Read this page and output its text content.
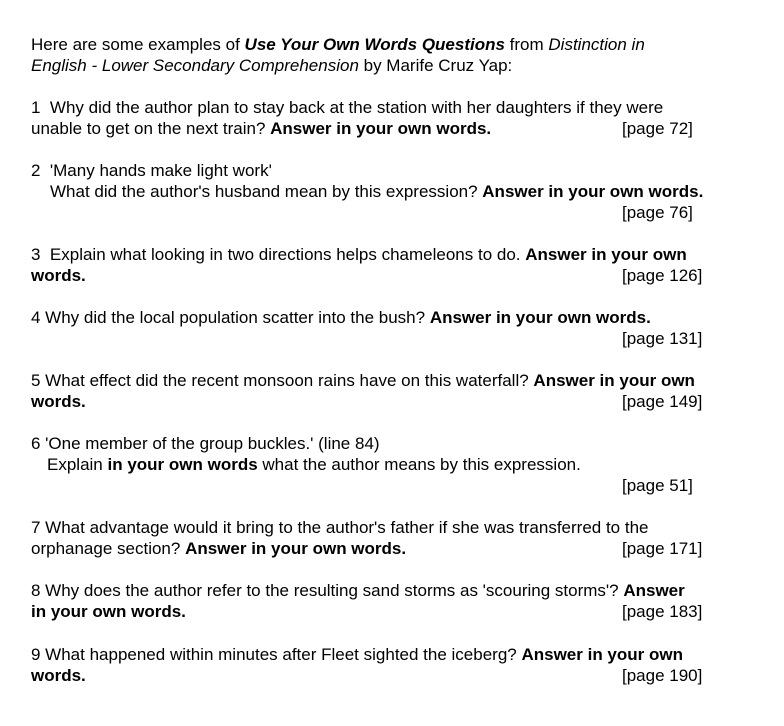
Here are some examples of Use Your Own Words Questions from Distinction in
English - Lower Secondary Comprehension by Marife Cruz Yap:
1  Why did the author plan to stay back at the station with her daughters if they were
unable to get on the next train? Answer in your own words.	[page 72]
2  'Many hands make light work'
What did the author's husband mean by this expression? Answer in your own words.
[page 76]
3  Explain what looking in two directions helps chameleons to do. Answer in your own
words.	[page 126]
4 Why did the local population scatter into the bush? Answer in your own words.
[page 131]
5 What effect did the recent monsoon rains have on this waterfall? Answer in your own
words.	[page 149]
6 'One member of the group buckles.' (line 84)
Explain in your own words what the author means by this expression.
[page 51]
7 What advantage would it bring to the author's father if she was transferred to the
orphanage section? Answer in your own words.	[page 171]
8 Why does the author refer to the resulting sand storms as 'scouring storms'? Answer
in your own words.	[page 183]
9 What happened within minutes after Fleet sighted the iceberg? Answer in your own
words.	[page 190]
